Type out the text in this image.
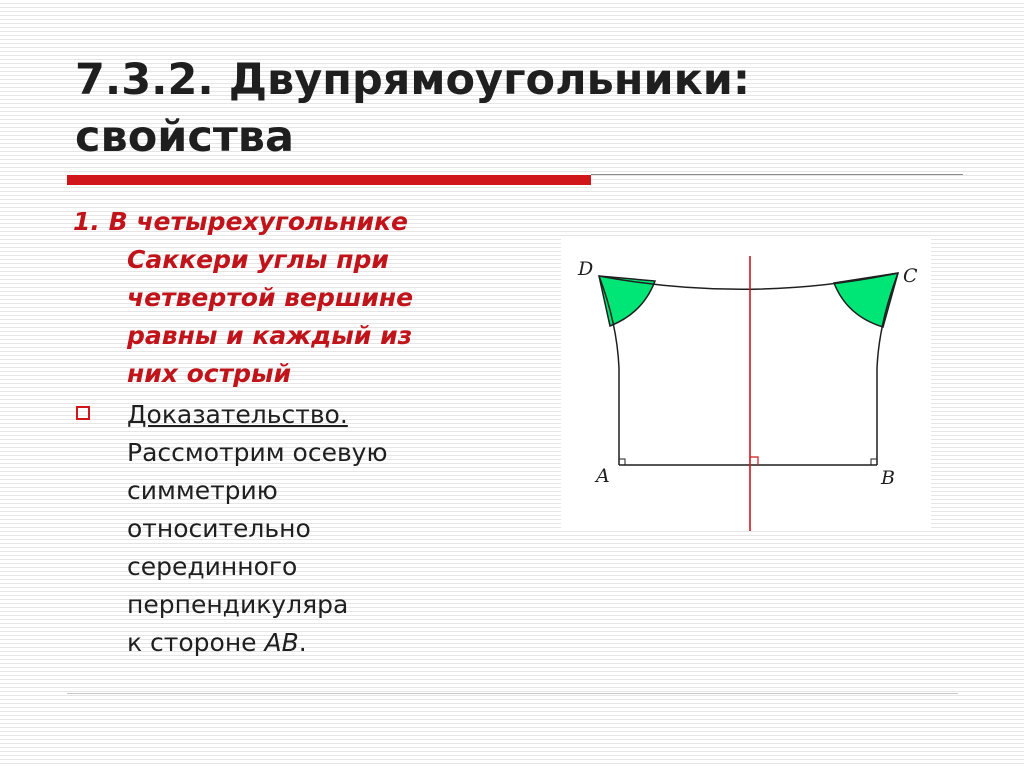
7.3.2. Двупрямоугольники:
свойства
1. В четырехугольнике
Саккери углы при
четвертой вершине
равны и каждый из
них острый
Доказательство.
Рассмотрим осевую
симметрию
относительно
серединного
перпендикуляра
к стороне AB.
D	C
A	B
